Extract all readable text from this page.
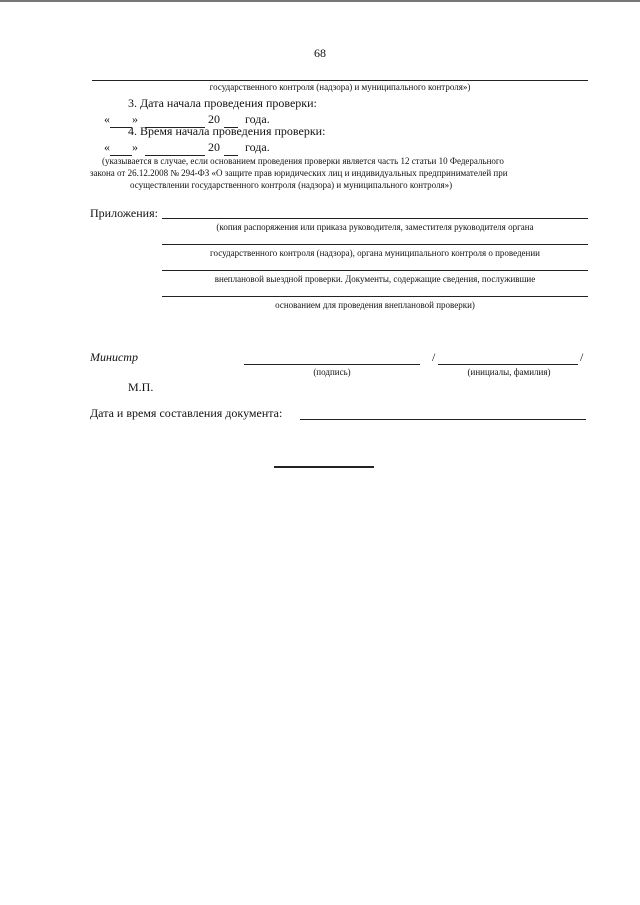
68
государственного контроля (надзора) и муниципального контроля»)
3. Дата начала проведения проверки:
« »	20 года.
4. Время начала проведения проверки:
« »	20 года.
(указывается в случае, если основанием проведения проверки является часть 12 статьи 10 Федерального
закона от 26.12.2008 № 294-ФЗ «О защите прав юридических лиц и индивидуальных предпринимателей при
осуществлении государственного контроля (надзора) и муниципального контроля»)
Приложения:
(копия распоряжения или приказа руководителя, заместителя руководителя органа
государственного контроля (надзора), органа муниципального контроля о проведении
внеплановой выездной проверки. Документы, содержащие сведения, послужившие
основанием для проведения внеплановой проверки)
Министр	/	/
(подпись)	(инициалы, фамилия)
М.П.
Дата и время составления документа:
